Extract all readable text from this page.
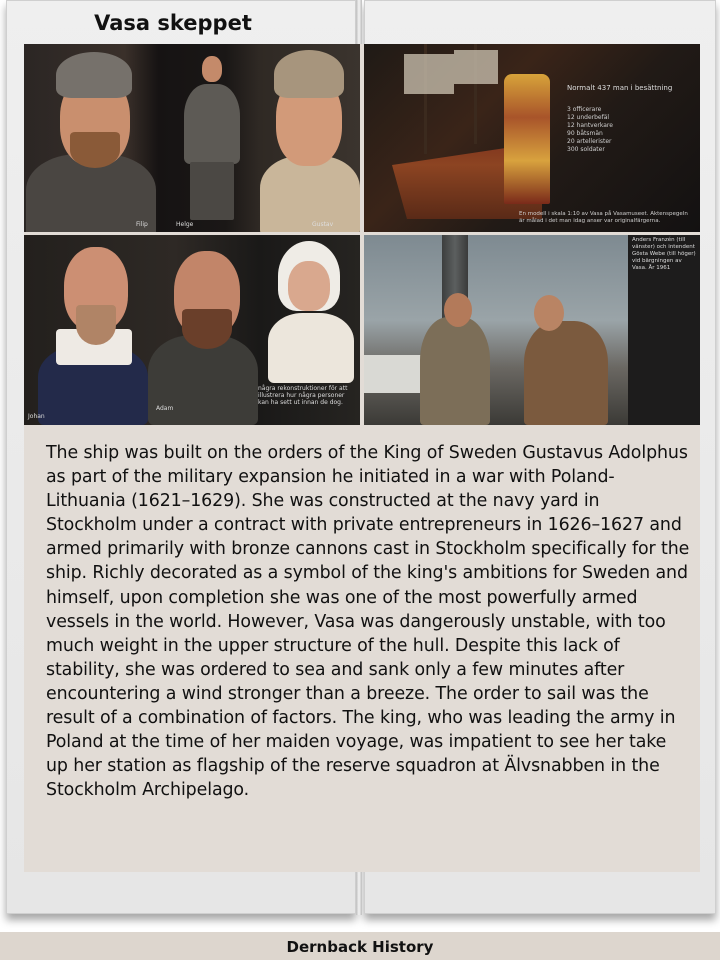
Vasa skeppet
Filip	Helge	Gustav
Normalt 437 man i besättning
3 officerare
12 underbefäl
12 hantverkare
90 båtsmän
20 artellerister
300 soldater
En modell i skala 1:10 av Vasa på Vasamuseet. Aktenspegeln är målad i det man idag anser var originalfärgerna.
Johan
Adam
några rekonstruktioner för att illustrera hur några personer kan ha sett ut innan de dog.
Anders Franzén (till vänster) och intendent Gösta Webe (till höger) vid bärgningen av Vasa. År 1961
The ship was built on the orders of the King of Sweden Gustavus Adolphus as part of the military expansion he initiated in a war with Poland-Lithuania (1621–1629). She was constructed at the navy yard in Stockholm under a contract with private entrepreneurs in 1626–1627 and armed primarily with bronze cannons cast in Stockholm specifically for the ship. Richly decorated as a symbol of the king's ambitions for Sweden and himself, upon completion she was one of the most powerfully armed vessels in the world. However, Vasa was dangerously unstable, with too much weight in the upper structure of the hull. Despite this lack of stability, she was ordered to sea and sank only a few minutes after encountering a wind stronger than a breeze. The order to sail was the result of a combination of factors. The king, who was leading the army in Poland at the time of her maiden voyage, was impatient to see her take up her station as flagship of the reserve squadron at Älvsnabben in the Stockholm Archipelago.
Dernback History
